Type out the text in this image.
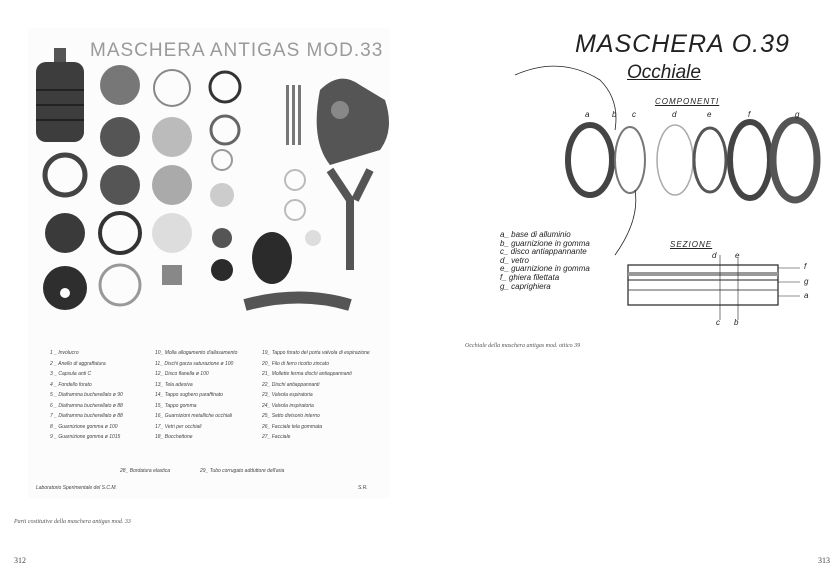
MASCHERA ANTIGAS MOD.33
1 _ Involucro
2 _ Anello di aggraffatura
3 _ Capsula anti C
4 _ Fondello forato
5 _ Diaframma bucherellato ø 90
6 _ Diaframma bucherellato ø 88
7 _ Diaframma bucherellato ø 88
8 _ Guarnizione gomma ø 100
9 _ Guarnizione gomma ø 1015
10_ Molla allogamento d'allasamento
11_ Dischi garza saturazione ø 100
12_ Disco flanella ø 100
13_ Tela adesiva
14_ Tappo sughero paraffinato
15_ Tappo gomma
16_ Guarnizioni metalliche occhiali
17_ Vetri per occhiali
18_ Bocchettone
19_ Tappo forato del porta valvola di espirazione
20_ Filo di ferro ricotto zincato
21_ Mollette ferma dischi antiappannanti
22_ Dischi antiappannanti
23_ Valvola espiratoria
24_ Valvola inspiratoria
25_ Setto divisorio interno
26_ Facciale tela gommata
27_ Facciale
28_ Bordatura elastica	29_ Tubo corrugato adduttore dell'aria
Laboratorio Sperimentale del S.C.M.	S.R.
Parti costitutive della maschera antigas mod. 33
312
MASCHERA O.39
Occhiale
COMPONENTI
a	b c	d	e	f	g
a_ base di alluminio
b_ guarnizione in gomma
c_ disco antiappannante
d_ vetro
e_ guarnizione in gomma
f_ ghiera filettata
g_ caprighiera
SEZIONE
d e
f
g
a
c b
Occhiale della maschera antigas mod. ottico 39
313
